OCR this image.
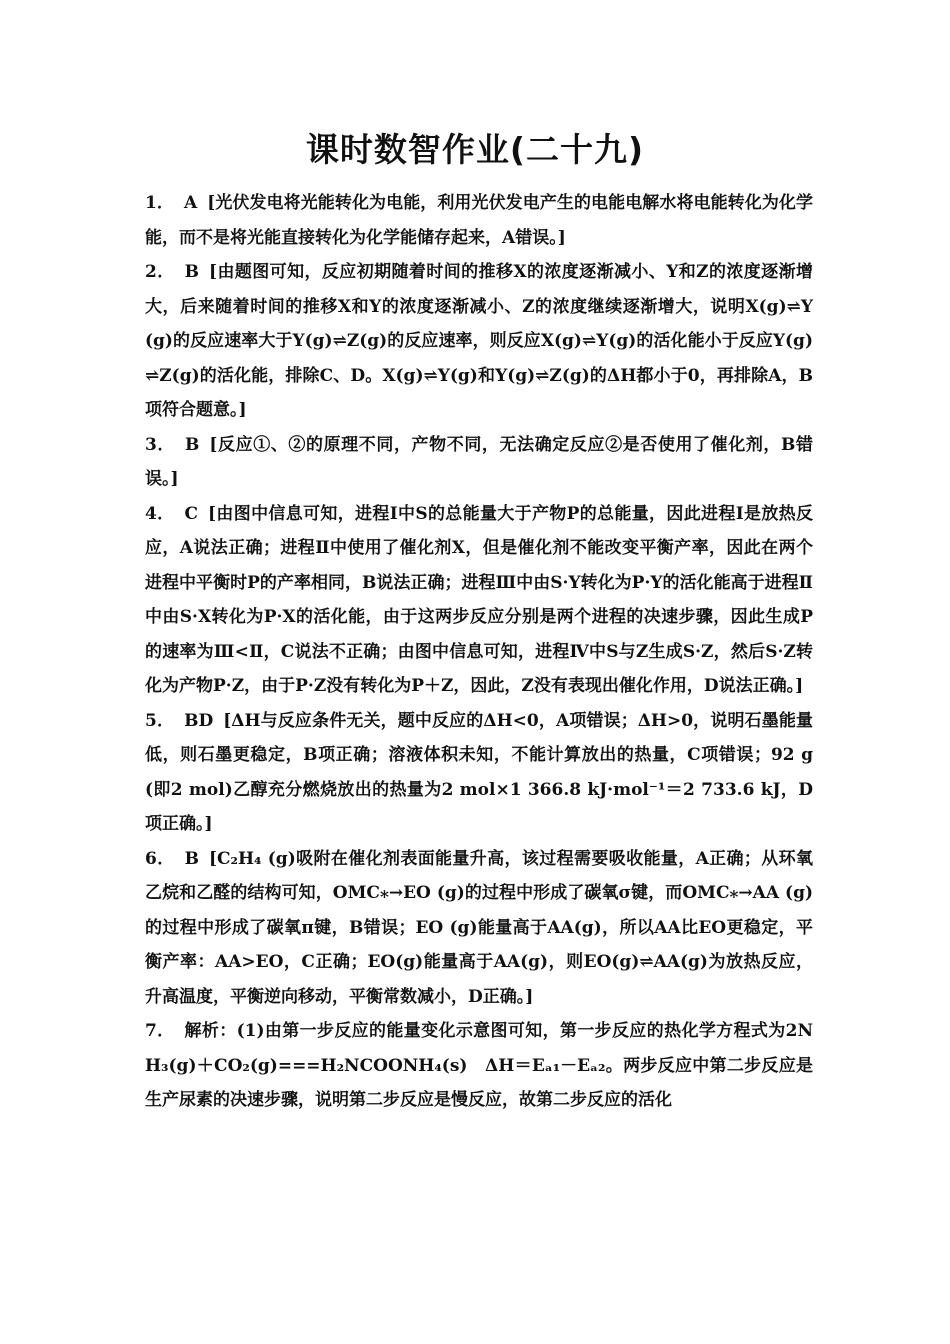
课时数智作业(二十九)

1． A [光伏发电将光能转化为电能，利用光伏发电产生的电能电解水将电能转化为化学能，而不是将光能直接转化为化学能储存起来，A错误。]

2． B [由题图可知，反应初期随着时间的推移X的浓度逐渐减小、Y和Z的浓度逐渐增大，后来随着时间的推移X和Y的浓度逐渐减小、Z的浓度继续逐渐增大，说明X(g)⇌Y(g)的反应速率大于Y(g)⇌Z(g)的反应速率，则反应X(g)⇌Y(g)的活化能小于反应Y(g)⇌Z(g)的活化能，排除C、D。X(g)⇌Y(g)和Y(g)⇌Z(g)的ΔH都小于0，再排除A，B项符合题意。]

3． B [反应①、②的原理不同，产物不同，无法确定反应②是否使用了催化剂，B错误。]

4． C [由图中信息可知，进程Ⅰ中S的总能量大于产物P的总能量，因此进程Ⅰ是放热反应，A说法正确；进程Ⅱ中使用了催化剂X，但是催化剂不能改变平衡产率，因此在两个进程中平衡时P的产率相同，B说法正确；进程Ⅲ中由S·Y转化为P·Y的活化能高于进程Ⅱ中由S·X转化为P·X的活化能，由于这两步反应分别是两个进程的决速步骤，因此生成P的速率为Ⅲ<Ⅱ，C说法不正确；由图中信息可知，进程Ⅳ中S与Z生成S·Z，然后S·Z转化为产物P·Z，由于P·Z没有转化为P＋Z，因此，Z没有表现出催化作用，D说法正确。]

5． BD [ΔH与反应条件无关，题中反应的ΔH<0，A项错误；ΔH>0，说明石墨能量低，则石墨更稳定，B项正确；溶液体积未知，不能计算放出的热量，C项错误；92 g(即2 mol)乙醇充分燃烧放出的热量为2 mol×1 366.8 kJ·mol⁻¹＝2 733.6 kJ，D项正确。]

6． B [C₂H₄ (g)吸附在催化剂表面能量升高，该过程需要吸收能量，A正确；从环氧乙烷和乙醛的结构可知，OMC⁎→EO (g)的过程中形成了碳氧σ键，而OMC⁎→AA (g)的过程中形成了碳氧π键，B错误；EO (g)能量高于AA(g)，所以AA比EO更稳定，平衡产率：AA>EO，C正确；EO(g)能量高于AA(g)，则EO(g)⇌AA(g)为放热反应，升高温度，平衡逆向移动，平衡常数减小，D正确。]

7． 解析：(1)由第一步反应的能量变化示意图可知，第一步反应的热化学方程式为2NH₃(g)＋CO₂(g)===H₂NCOONH₄(s)　ΔH＝Eₐ₁－Eₐ₂。两步反应中第二步反应是生产尿素的决速步骤，说明第二步反应是慢反应，故第二步反应的活化
